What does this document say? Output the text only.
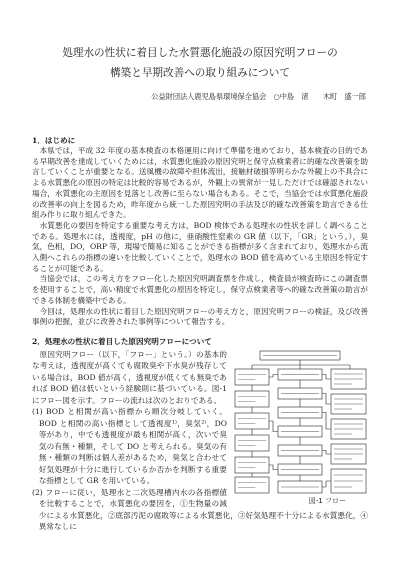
処理水の性状に着目した水質悪化施設の原因究明フローの
構築と早期改善への取り組みについて
公益財団法人鹿児島県環境保全協会　○中島　渚　　木町　盛一郎
1．はじめに

本県では，平成 32 年度の基本検査の本格運用に向けて準備を進めており，基本検査の目的である早期改善を達成していくためには，水質悪化施設の原因究明と保守点検業者に的確な改善策を助言していくことが重要となる。送風機の故障や担体流出，接触材破損等明らかな外観上の不具合による水質悪化の原因の特定は比較的容易であるが，外観上の異常が一見しただけでは確認されない場合，水質悪化の主原因を見落とし改善に至らない場合もある。そこで，当協会では水質悪化施設の改善率の向上を図るため，昨年度から統一した原因究明の手法及び的確な改善策を助言できる仕組み作りに取り組んできた。

水質悪化の要因を特定する重要な考え方は，BOD 検体である処理水の性状を詳しく調べることである。処理水には，透視度，pH の他に，亜硝酸性窒素の GR 値（以下，「GR」という。），臭気，色相，DO，ORP 等，現場で簡易に知ることができる指標が多く含まれており，処理水から流入側へこれらの指標の違いを比較していくことで，処理水の BOD 値を高めている主原因を特定することが可能である。

当協会では，この考え方をフロー化した原因究明調査票を作成し，検査員が検査時にこの調査票を使用することで，高い精度で水質悪化の原因を特定し，保守点検業者等へ的確な改善策の助言ができる体制を構築中である。

今回は，処理水の性状に着目した原因究明フローの考え方と，原因究明フローの検証，及び改善事例の把握，並びに改善された事例等について報告する。

2．処理水の性状に着目した原因究明フローについて
図-1 フロー

原因究明フロー（以下，「フロー」という。）の基本的な考えは，透視度が高くても腐敗臭や下水臭が残存している場合は，BOD 値が高く，透視度が低くても無臭であれば BOD 値は低いという経験則に基づいている。図-1 にフロー図を示す。フローの流れは次のとおりである。

(1) BOD と相関が高い指標から順次分岐していく。BOD と相関の高い指標として透視度¹⁾，臭気²⁾，DO 等があり，中でも透視度が最も相関が高く，次いで臭気の有無・種類，そして DO と考えられる。臭気の有無・種類の判断は個人差があるため，臭気と合わせて好気処理が十分に進行しているか否かを判断する重要な指標として GR を用いている。

(2) フローに従い，処理水と二次処理槽内水の各指標値を比較することで，水質悪化の要因を，①生物量の減少による水質悪化，②底部汚泥の腐敗等による水質悪化，③好気処理不十分による水質悪化，④異常なしに
